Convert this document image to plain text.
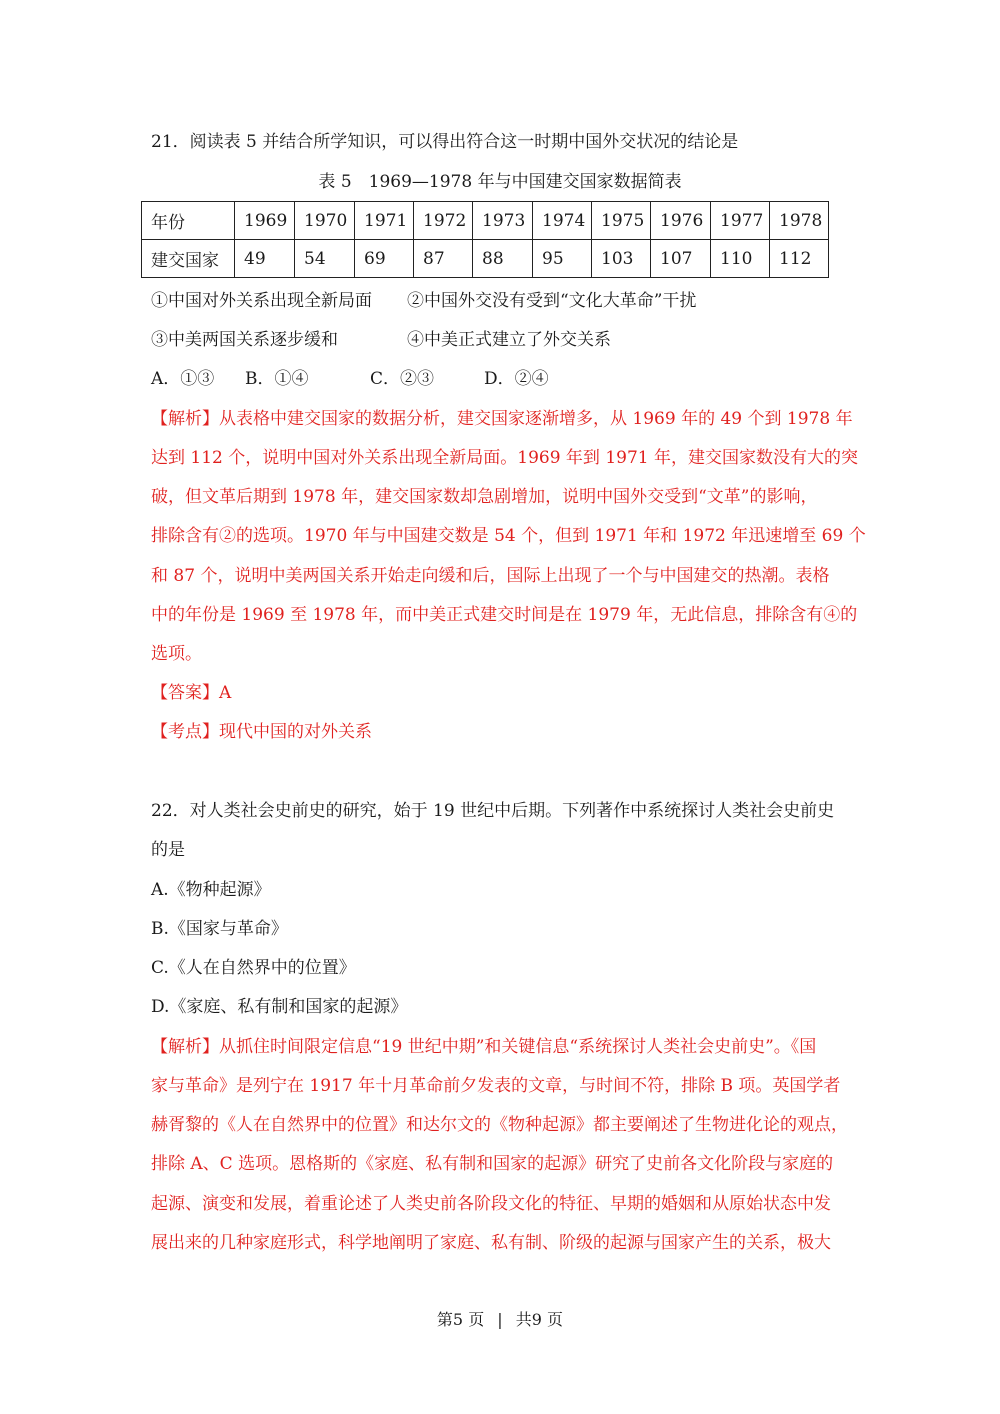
21．阅读表 5 并结合所学知识，可以得出符合这一时期中国外交状况的结论是
表 5　1969—1978 年与中国建交国家数据简表
年份	1969	1970	1971	1972	1973	1974	1975	1976	1977	1978
建交国家	49	54	69	87	88	95	103	107	110	112
①中国对外关系出现全新局面 ②中国外交没有受到“文化大革命”干扰
③中美两国关系逐步缓和	④中美正式建立了外交关系
A．①③ B．①④	C．②③	D．②④
【解析】从表格中建交国家的数据分析，建交国家逐渐增多，从 1969 年的 49 个到 1978 年
达到 112 个，说明中国对外关系出现全新局面。1969 年到 1971 年，建交国家数没有大的突
破，但文革后期到 1978 年，建交国家数却急剧增加，说明中国外交受到“文革”的影响，
排除含有②的选项。1970 年与中国建交数是 54 个，但到 1971 年和 1972 年迅速增至 69 个
和 87 个，说明中美两国关系开始走向缓和后，国际上出现了一个与中国建交的热潮。表格
中的年份是 1969 至 1978 年，而中美正式建交时间是在 1979 年，无此信息，排除含有④的
选项。
【答案】A
【考点】现代中国的对外关系
22．对人类社会史前史的研究，始于 19 世纪中后期。下列著作中系统探讨人类社会史前史
的是
A.《物种起源》
B.《国家与革命》
C.《人在自然界中的位置》
D.《家庭、私有制和国家的起源》
【解析】从抓住时间限定信息“19 世纪中期”和关键信息“系统探讨人类社会史前史”。《国
家与革命》是列宁在 1917 年十月革命前夕发表的文章，与时间不符，排除 B 项。英国学者
赫胥黎的《人在自然界中的位置》和达尔文的《物种起源》都主要阐述了生物进化论的观点，
排除 A、C 选项。恩格斯的《家庭、私有制和国家的起源》研究了史前各文化阶段与家庭的
起源、演变和发展，着重论述了人类史前各阶段文化的特征、早期的婚姻和从原始状态中发
展出来的几种家庭形式，科学地阐明了家庭、私有制、阶级的起源与国家产生的关系，极大
第5 页 | 共9 页
